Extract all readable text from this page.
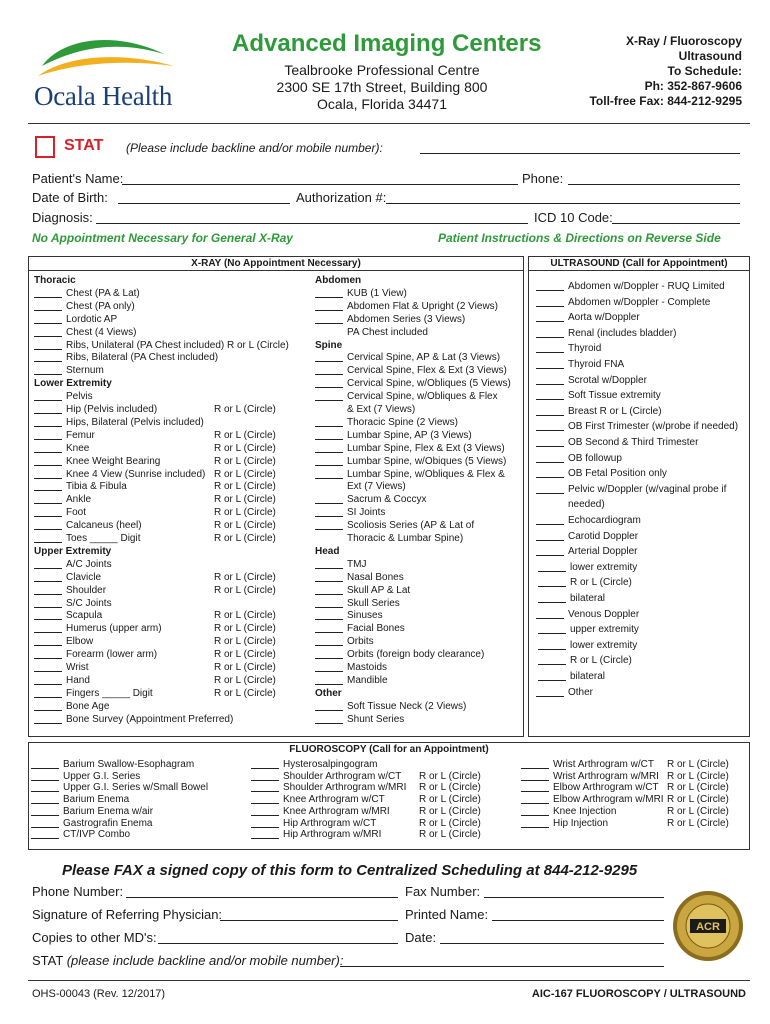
Ocala Health
Advanced Imaging Centers
Tealbrooke Professional Centre
2300 SE 17th Street, Building 800
Ocala, Florida 34471
X-Ray / Fluoroscopy
Ultrasound
To Schedule:
Ph: 352-867-9606
Toll-free Fax: 844-212-9295
STAT (Please include backline and/or mobile number):
Patient's Name:	Phone:
Date of Birth:	Authorization #:
Diagnosis:	ICD 10 Code:
No Appointment Necessary for General X-Ray	Patient Instructions & Directions on Reverse Side
X-RAY (No Appointment Necessary)
Thoracic
Chest (PA & Lat)
Chest (PA only)
Lordotic AP
Chest (4 Views)
Ribs, Unilateral (PA Chest included) R or L (Circle)
Ribs, Bilateral (PA Chest included)
Sternum
Lower Extremity
Pelvis
Hip (Pelvis included)	R or L (Circle)
Hips, Bilateral (Pelvis included)
Femur	R or L (Circle)
Knee	R or L (Circle)
Knee Weight Bearing	R or L (Circle)
Knee 4 View (Sunrise included) R or L (Circle)
Tibia & Fibula	R or L (Circle)
Ankle	R or L (Circle)
Foot	R or L (Circle)
Calcaneus (heel)	R or L (Circle)
Toes _____ Digit	R or L (Circle)
Upper Extremity
A/C Joints
Clavicle	R or L (Circle)
Shoulder	R or L (Circle)
S/C Joints
Scapula	R or L (Circle)
Humerus (upper arm)	R or L (Circle)
Elbow	R or L (Circle)
Forearm (lower arm)	R or L (Circle)
Wrist	R or L (Circle)
Hand	R or L (Circle)
Fingers _____ Digit	R or L (Circle)
Bone Age
Bone Survey (Appointment Preferred)
Abdomen
KUB (1 View)
Abdomen Flat & Upright (2 Views)
Abdomen Series (3 Views)
PA Chest included
Spine
Cervical Spine, AP & Lat (3 Views)
Cervical Spine, Flex & Ext (3 Views)
Cervical Spine, w/Obliques (5 Views)
Cervical Spine, w/Obliques & Flex
& Ext (7 Views)
Thoracic Spine (2 Views)
Lumbar Spine, AP (3 Views)
Lumbar Spine, Flex & Ext (3 Views)
Lumbar Spine, w/Obiques (5 Views)
Lumbar Spine, w/Obliques & Flex &
Ext (7 Views)
Sacrum & Coccyx
SI Joints
Scoliosis Series (AP & Lat of
Thoracic & Lumbar Spine)
Head
TMJ
Nasal Bones
Skull AP & Lat
Skull Series
Sinuses
Facial Bones
Orbits
Orbits (foreign body clearance)
Mastoids
Mandible
Other
Soft Tissue Neck (2 Views)
Shunt Series
ULTRASOUND (Call for Appointment)
Abdomen w/Doppler - RUQ Limited
Abdomen w/Doppler - Complete
Aorta w/Doppler
Renal (includes bladder)
Thyroid
Thyroid FNA
Scrotal w/Doppler
Soft Tissue extremity
Breast R or L (Circle)
OB First Trimester (w/probe if needed)
OB Second & Third Trimester
OB followup
OB Fetal Position only
Pelvic w/Doppler (w/vaginal probe if
needed)
Echocardiogram
Carotid Doppler
Arterial Doppler
lower extremity
R or L (Circle)
bilateral
Venous Doppler
upper extremity
lower extremity
R or L (Circle)
bilateral
Other
FLUOROSCOPY (Call for an Appointment)
Barium Swallow-Esophagram
Upper G.I. Series
Upper G.I. Series w/Small Bowel
Barium Enema
Barium Enema w/air
Gastrografin Enema
CT/IVP Combo
Hysterosalpingogram
Shoulder Arthrogram w/CT R or L (Circle)
Shoulder Arthrogram w/MRI R or L (Circle)
Knee Arthrogram w/CT	R or L (Circle)
Knee Arthrogram w/MRI	R or L (Circle)
Hip Arthrogram w/CT	R or L (Circle)
Hip Arthrogram w/MRI	R or L (Circle)
Wrist Arthrogram w/CT R or L (Circle)
Wrist Arthrogram w/MRI R or L (Circle)
Elbow Arthrogram w/CT R or L (Circle)
Elbow Arthrogram w/MRI R or L (Circle)
Knee Injection	R or L (Circle)
Hip Injection	R or L (Circle)
Please FAX a signed copy of this form to Centralized Scheduling at 844-212-9295
Phone Number:	Fax Number:
Signature of Referring Physician:	Printed Name:
Copies to other MD's:	Date:
STAT (please include backline and/or mobile number):
ACR
OHS-00043 (Rev. 12/2017)	AIC-167 FLUOROSCOPY / ULTRASOUND
